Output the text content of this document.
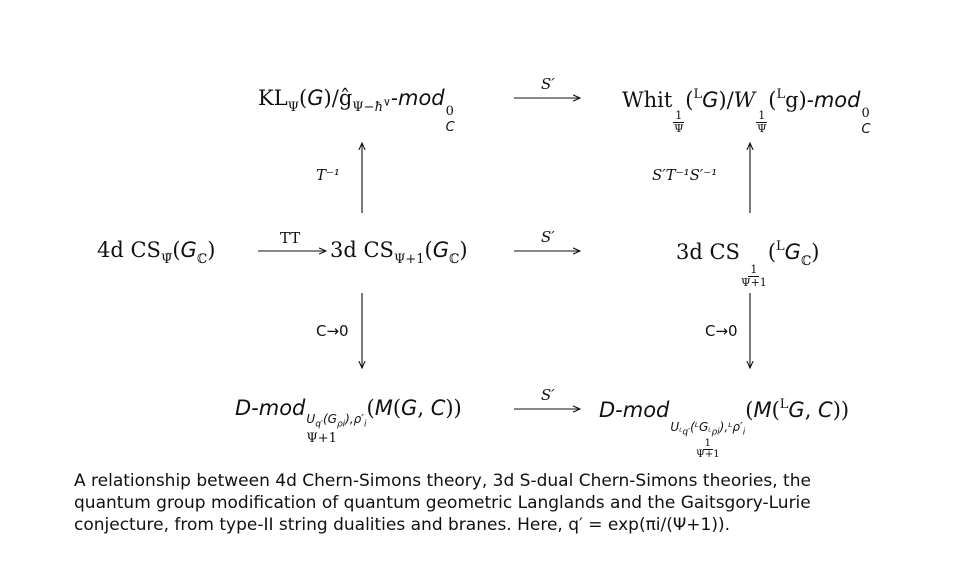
$KL_\Psi(G)/ĝ_{\Psi-ħ^\vee}$-mod
0
C
S′
Whit
$\frac{1}{\Psi}$
($^L$G)/W
$\frac{1}{\Psi}$
($^L$g)-mod
0
C
T⁻¹	S′T⁻¹S′⁻¹
4d $CS_{\Psĩ}(G_ℂ)$	TT 3d $CS_{\Psi+1}(G_ℂ)$
S′
3d CS
$\frac{1}{\Psi+1}$
$(^LG_ℂ)$
C→0	C→0
D-mod $U_{q'}(G_{\rho i}),\rho'_i$
Ψ+1
(M(G, C))
S′
D-mod
$U_{ᴸq'}(ᴸG_{ᴸ\rho i}),ᴸ\rho'_i$
$\frac{1}{\Psi+1}$
(M($^L$G, C))
A relationship between 4d Chern-Simons theory, 3d S-dual Chern-Simons theories, the
quantum group modification of quantum geometric Langlands and the Gaitsgory-Lurie
conjecture, from type-II string dualities and branes. Here, q′ = exp(πi/(Ψ+1)).
